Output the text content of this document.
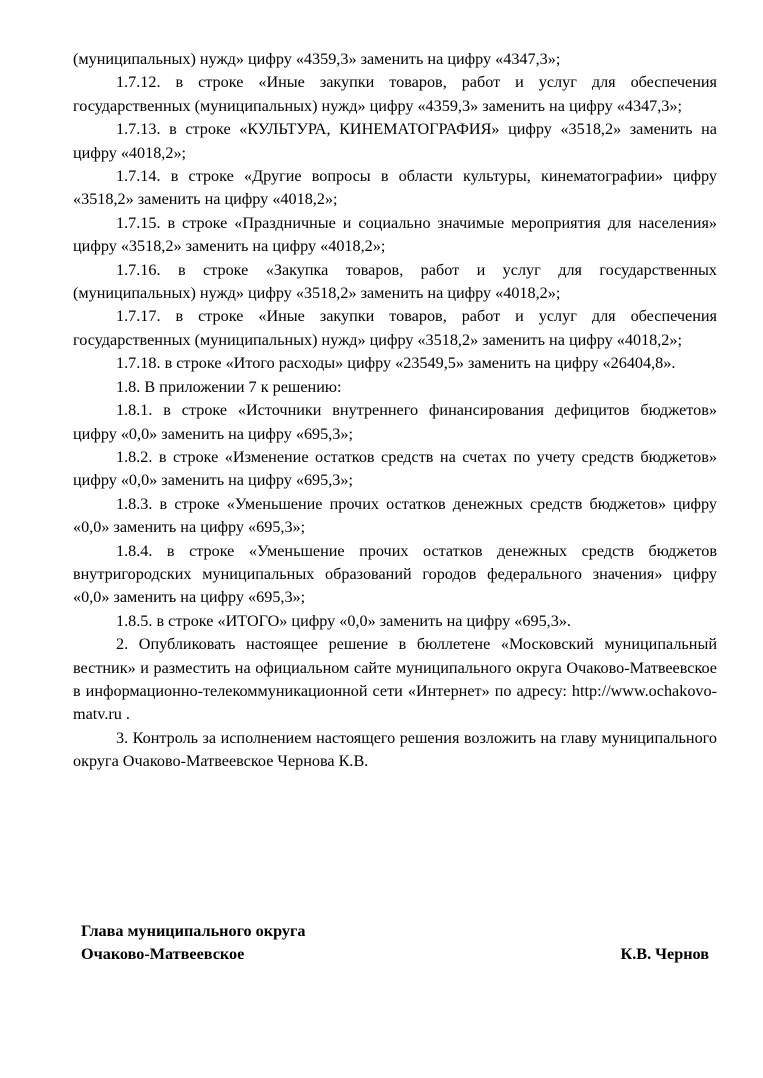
(муниципальных) нужд» цифру «4359,3» заменить на цифру «4347,3»;

1.7.12. в строке «Иные закупки товаров, работ и услуг для обеспечения государственных (муниципальных) нужд» цифру «4359,3» заменить на цифру «4347,3»;

1.7.13. в строке «КУЛЬТУРА, КИНЕМАТОГРАФИЯ» цифру «3518,2» заменить на цифру «4018,2»;

1.7.14. в строке «Другие вопросы в области культуры, кинематографии» цифру «3518,2» заменить на цифру «4018,2»;

1.7.15. в строке «Праздничные и социально значимые мероприятия для населения» цифру «3518,2» заменить на цифру «4018,2»;

1.7.16. в строке «Закупка товаров, работ и услуг для государственных (муниципальных) нужд» цифру «3518,2» заменить на цифру «4018,2»;

1.7.17. в строке «Иные закупки товаров, работ и услуг для обеспечения государственных (муниципальных) нужд» цифру «3518,2» заменить на цифру «4018,2»;

1.7.18. в строке «Итого расходы» цифру «23549,5» заменить на цифру «26404,8».

1.8. В приложении 7 к решению:

1.8.1. в строке «Источники внутреннего финансирования дефицитов бюджетов» цифру «0,0» заменить на цифру «695,3»;

1.8.2. в строке «Изменение остатков средств на счетах по учету средств бюджетов» цифру «0,0» заменить на цифру «695,3»;

1.8.3. в строке «Уменьшение прочих остатков денежных средств бюджетов» цифру «0,0» заменить на цифру «695,3»;

1.8.4. в строке «Уменьшение прочих остатков денежных средств бюджетов внутригородских муниципальных образований городов федерального значения» цифру «0,0» заменить на цифру «695,3»;

1.8.5. в строке «ИТОГО» цифру «0,0» заменить на цифру «695,3».

2. Опубликовать настоящее решение в бюллетене «Московский муниципальный вестник» и разместить на официальном сайте муниципального округа Очаково-Матвеевское в информационно-телекоммуникационной сети «Интернет» по адресу: http://www.ochakovo-matv.ru .

3. Контроль за исполнением настоящего решения возложить на главу муниципального округа Очаково-Матвеевское Чернова К.В.

Глава муниципального округа
Очаково-Матвеевское	К.В. Чернов
